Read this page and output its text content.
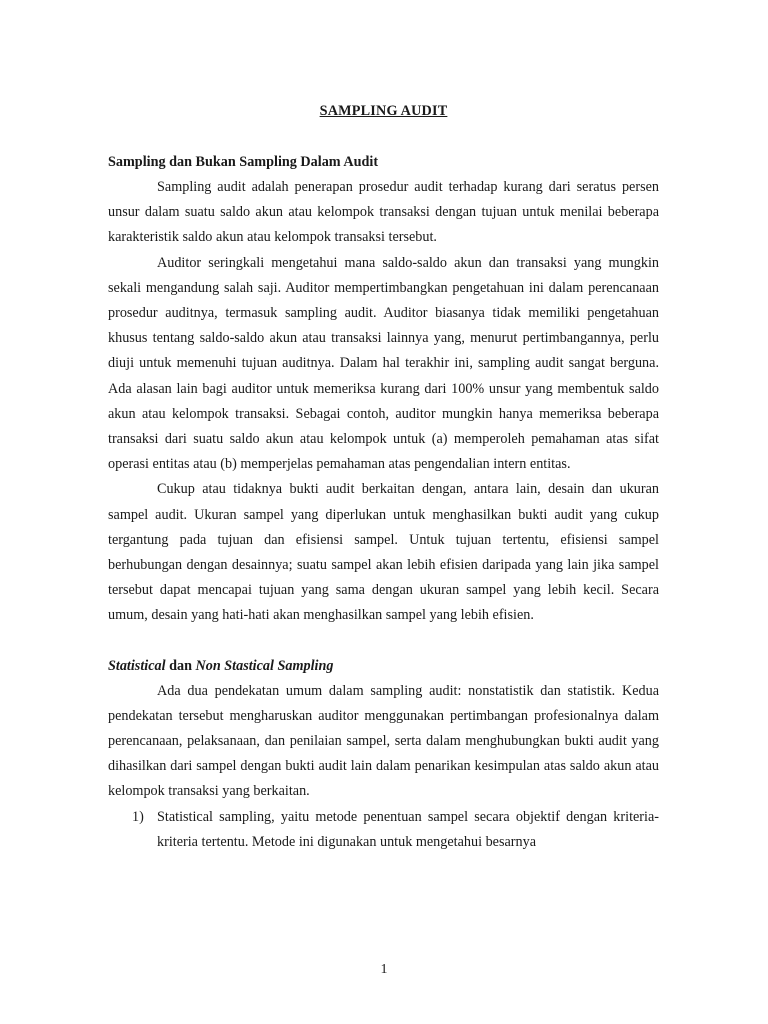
SAMPLING AUDIT
Sampling dan Bukan Sampling Dalam Audit

Sampling audit adalah penerapan prosedur audit terhadap kurang dari seratus persen unsur dalam suatu saldo akun atau kelompok transaksi dengan tujuan untuk menilai beberapa karakteristik saldo akun atau kelompok transaksi tersebut.

Auditor seringkali mengetahui mana saldo-saldo akun dan transaksi yang mungkin sekali mengandung salah saji. Auditor mempertimbangkan pengetahuan ini dalam perencanaan prosedur auditnya, termasuk sampling audit. Auditor biasanya tidak memiliki pengetahuan khusus tentang saldo-saldo akun atau transaksi lainnya yang, menurut pertimbangannya, perlu diuji untuk memenuhi tujuan auditnya. Dalam hal terakhir ini, sampling audit sangat berguna. Ada alasan lain bagi auditor untuk memeriksa kurang dari 100% unsur yang membentuk saldo akun atau kelompok transaksi. Sebagai contoh, auditor mungkin hanya memeriksa beberapa transaksi dari suatu saldo akun atau kelompok untuk (a) memperoleh pemahaman atas sifat operasi entitas atau (b) memperjelas pemahaman atas pengendalian intern entitas.

Cukup atau tidaknya bukti audit berkaitan dengan, antara lain, desain dan ukuran sampel audit. Ukuran sampel yang diperlukan untuk menghasilkan bukti audit yang cukup tergantung pada tujuan dan efisiensi sampel. Untuk tujuan tertentu, efisiensi sampel berhubungan dengan desainnya; suatu sampel akan lebih efisien daripada yang lain jika sampel tersebut dapat mencapai tujuan yang sama dengan ukuran sampel yang lebih kecil. Secara umum, desain yang hati-hati akan menghasilkan sampel yang lebih efisien.

Statistical dan Non Stastical Sampling

Ada dua pendekatan umum dalam sampling audit: nonstatistik dan statistik. Kedua pendekatan tersebut mengharuskan auditor menggunakan pertimbangan profesionalnya dalam perencanaan, pelaksanaan, dan penilaian sampel, serta dalam menghubungkan bukti audit yang dihasilkan dari sampel dengan bukti audit lain dalam penarikan kesimpulan atas saldo akun atau kelompok transaksi yang berkaitan.

1) Statistical sampling, yaitu metode penentuan sampel secara objektif dengan kriteria-kriteria tertentu. Metode ini digunakan untuk mengetahui besarnya
1
